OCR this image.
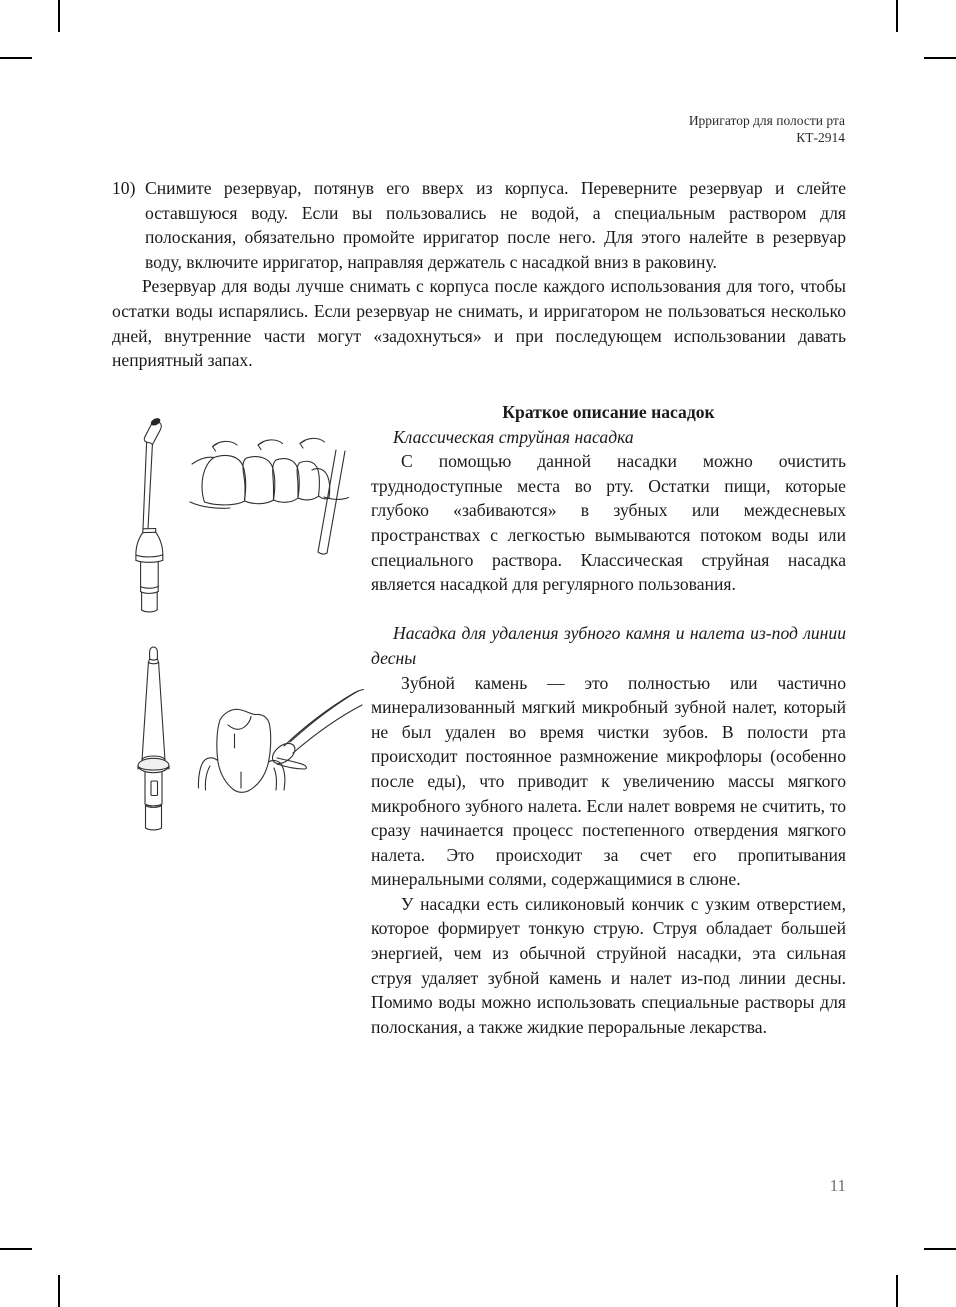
Ирригатор для полости рта
КТ-2914
10) Снимите резервуар, потянув его вверх из корпуса. Переверните резервуар и слейте оставшуюся воду. Если вы пользовались не водой, а специальным раствором для полоскания, обязательно промойте ирригатор после него. Для этого налейте в резервуар воду, включите ирригатор, направляя держатель с насадкой вниз в раковину.

Резервуар для воды лучше снимать с корпуса после каждого использования для того, чтобы остатки воды испарялись. Если резервуар не снимать, и ирригатором не пользоваться несколько дней, внутренние части могут «задохнуться» и при последующем использовании давать неприятный запах.

Краткое описание насадок

Классическая струйная насадка

С помощью данной насадки можно очистить труднодоступные места во рту. Остатки пищи, которые глубоко «забиваются» в зубных или междесневых пространствах с легкостью вымываются потоком воды или специального раствора. Классическая струйная насадка является насадкой для регулярного пользования.

Насадка для удаления зубного камня и налета из-под линии десны

Зубной камень — это полностью или частично минерализованный мягкий микробный зубной налет, который не был удален во время чистки зубов. В полости рта происходит постоянное размножение микрофлоры (особенно после еды), что приводит к увеличению массы мягкого микробного зубного налета. Если налет вовремя не считить, то сразу начинается процесс постепенного отвердения мягкого налета. Это происходит за счет его пропитывания минеральными солями, содержащимися в слюне.

У насадки есть силиконовый кончик с узким отверстием, которое формирует тонкую струю. Струя обладает большей энергией, чем из обычной струйной насадки, эта сильная струя удаляет зубной камень и налет из-под линии десны. Помимо воды можно использовать специальные растворы для полоскания, а также жидкие пероральные лекарства.

11
